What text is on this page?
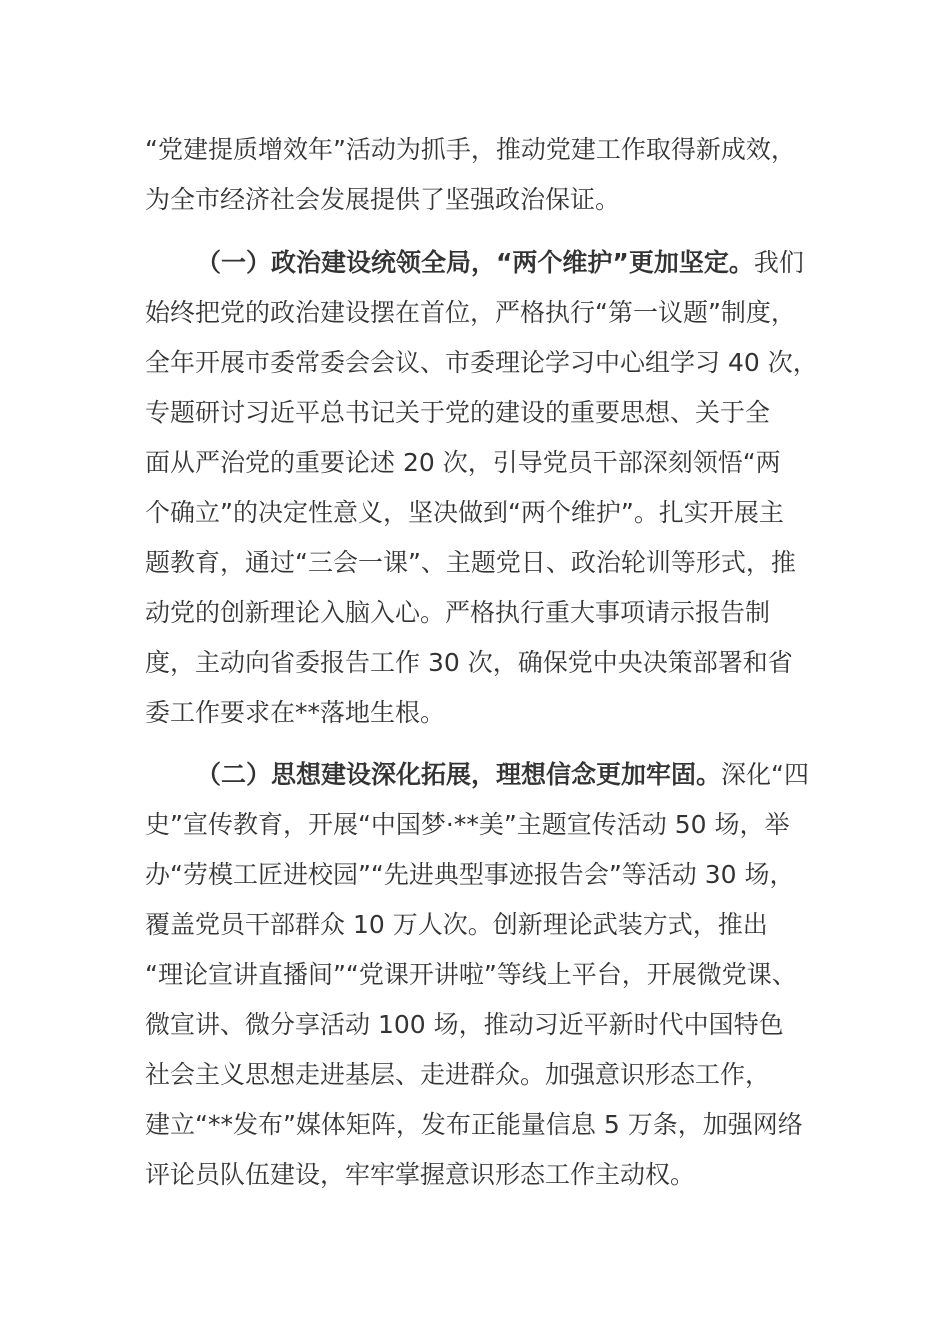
“党建提质增效年”活动为抓手，推动党建工作取得新成效，
为全市经济社会发展提供了坚强政治保证。
（一）政治建设统领全局，“两个维护”更加坚定。我们
始终把党的政治建设摆在首位，严格执行“第一议题”制度，
全年开展市委常委会会议、市委理论学习中心组学习 40 次，
专题研讨习近平总书记关于党的建设的重要思想、关于全
面从严治党的重要论述 20 次，引导党员干部深刻领悟“两
个确立”的决定性意义，坚决做到“两个维护”。扎实开展主
题教育，通过“三会一课”、主题党日、政治轮训等形式，推
动党的创新理论入脑入心。严格执行重大事项请示报告制
度，主动向省委报告工作 30 次，确保党中央决策部署和省
委工作要求在**落地生根。
（二）思想建设深化拓展，理想信念更加牢固。深化“四
史”宣传教育，开展“中国梦·**美”主题宣传活动 50 场，举
办“劳模工匠进校园”“先进典型事迹报告会”等活动 30 场，
覆盖党员干部群众 10 万人次。创新理论武装方式，推出
“理论宣讲直播间”“党课开讲啦”等线上平台，开展微党课、
微宣讲、微分享活动 100 场，推动习近平新时代中国特色
社会主义思想走进基层、走进群众。加强意识形态工作，
建立“**发布”媒体矩阵，发布正能量信息 5 万条，加强网络
评论员队伍建设，牢牢掌握意识形态工作主动权。
